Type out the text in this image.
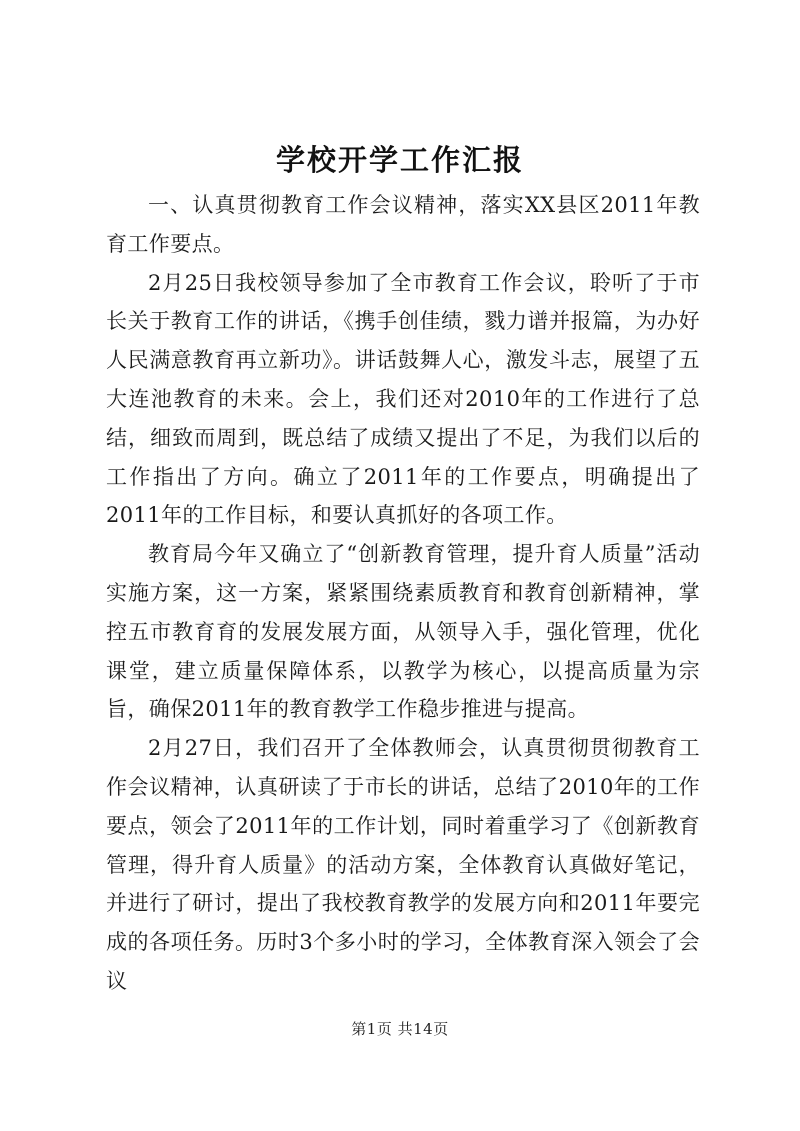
学校开学工作汇报

一、认真贯彻教育工作会议精神，落实XX县区2011年教育工作要点。

2月25日我校领导参加了全市教育工作会议，聆听了于市长关于教育工作的讲话，《携手创佳绩，戮力谱并报篇，为办好人民满意教育再立新功》。讲话鼓舞人心，激发斗志，展望了五大连池教育的未来。会上，我们还对2010年的工作进行了总结，细致而周到，既总结了成绩又提出了不足，为我们以后的工作指出了方向。确立了2011年的工作要点，明确提出了2011年的工作目标，和要认真抓好的各项工作。

教育局今年又确立了“创新教育管理，提升育人质量”活动实施方案，这一方案，紧紧围绕素质教育和教育创新精神，掌控五市教育育的发展发展方面，从领导入手，强化管理，优化课堂，建立质量保障体系，以教学为核心，以提高质量为宗旨，确保2011年的教育教学工作稳步推进与提高。

2月27日，我们召开了全体教师会，认真贯彻贯彻教育工作会议精神，认真研读了于市长的讲话，总结了2010年的工作要点，领会了2011年的工作计划，同时着重学习了《创新教育管理，得升育人质量》的活动方案，全体教育认真做好笔记，并进行了研讨，提出了我校教育教学的发展方向和2011年要完成的各项任务。历时3个多小时的学习，全体教育深入领会了会议

第1页 共14页
